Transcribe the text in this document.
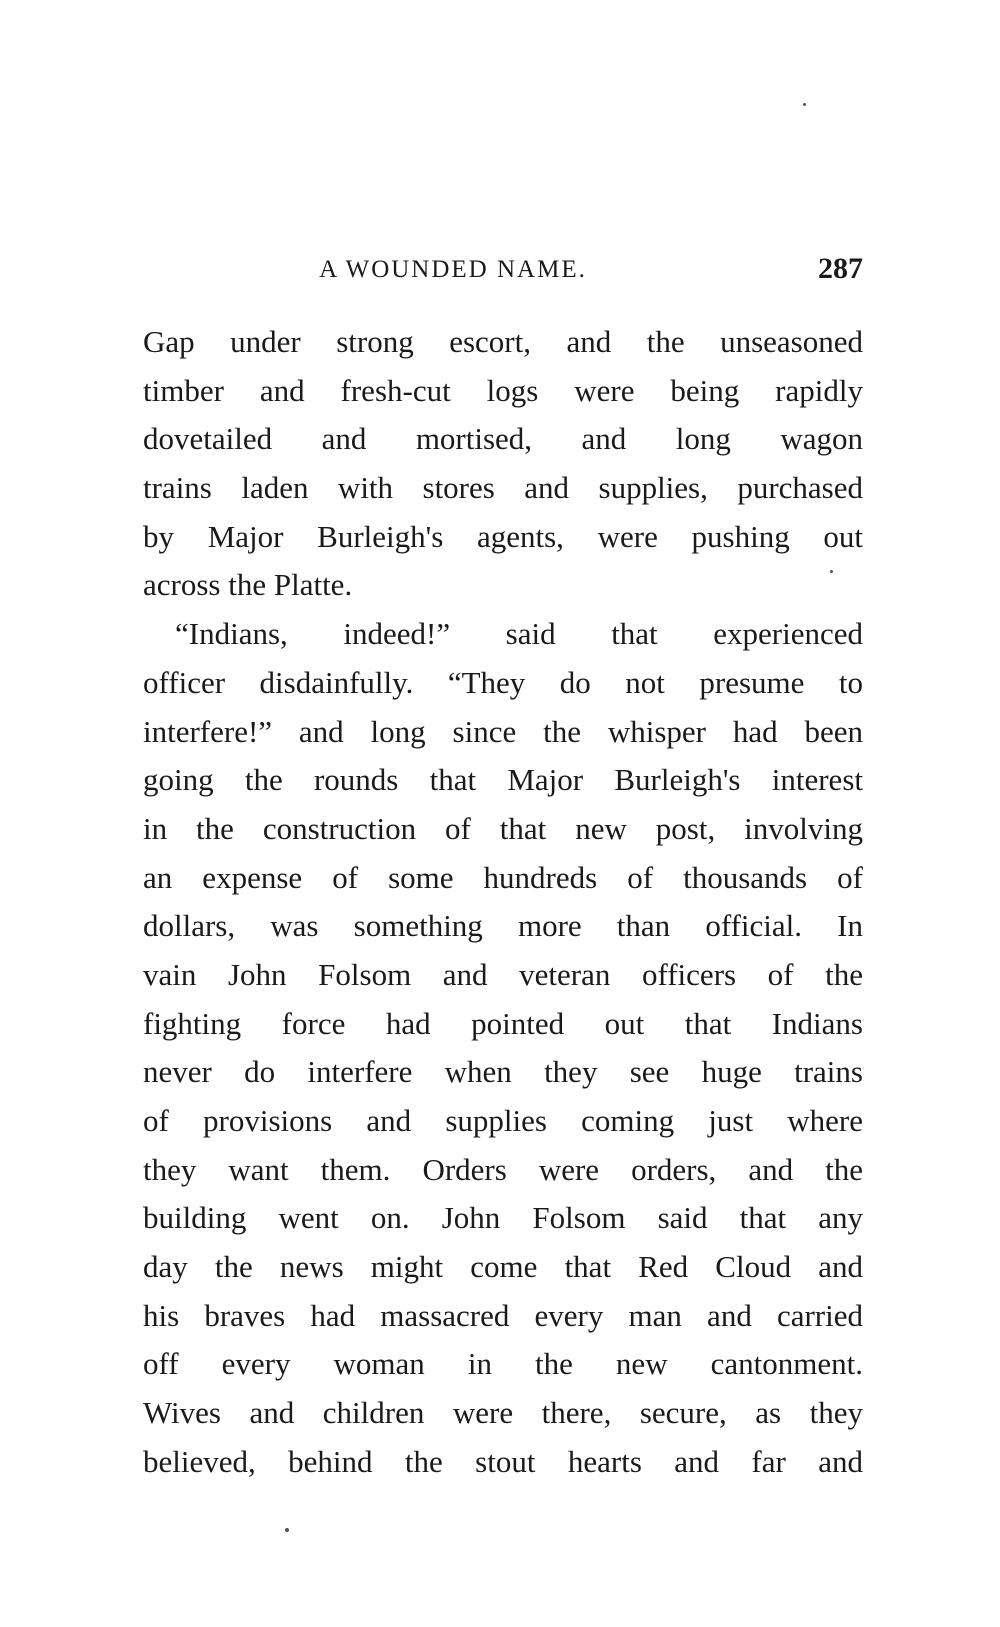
A WOUNDED NAME.	287
Gap under strong escort, and the unseasoned
timber and fresh-cut logs were being rapidly
dovetailed and mortised, and long wagon
trains laden with stores and supplies, purchased
by Major Burleigh's agents, were pushing out
across the Platte.
“Indians, indeed!” said that experienced
officer disdainfully. “They do not presume to
interfere!” and long since the whisper had been
going the rounds that Major Burleigh's interest
in the construction of that new post, involving
an expense of some hundreds of thousands of
dollars, was something more than official. In
vain John Folsom and veteran officers of the
fighting force had pointed out that Indians
never do interfere when they see huge trains
of provisions and supplies coming just where
they want them. Orders were orders, and the
building went on. John Folsom said that any
day the news might come that Red Cloud and
his braves had massacred every man and carried
off every woman in the new cantonment.
Wives and children were there, secure, as they
believed, behind the stout hearts and far and
